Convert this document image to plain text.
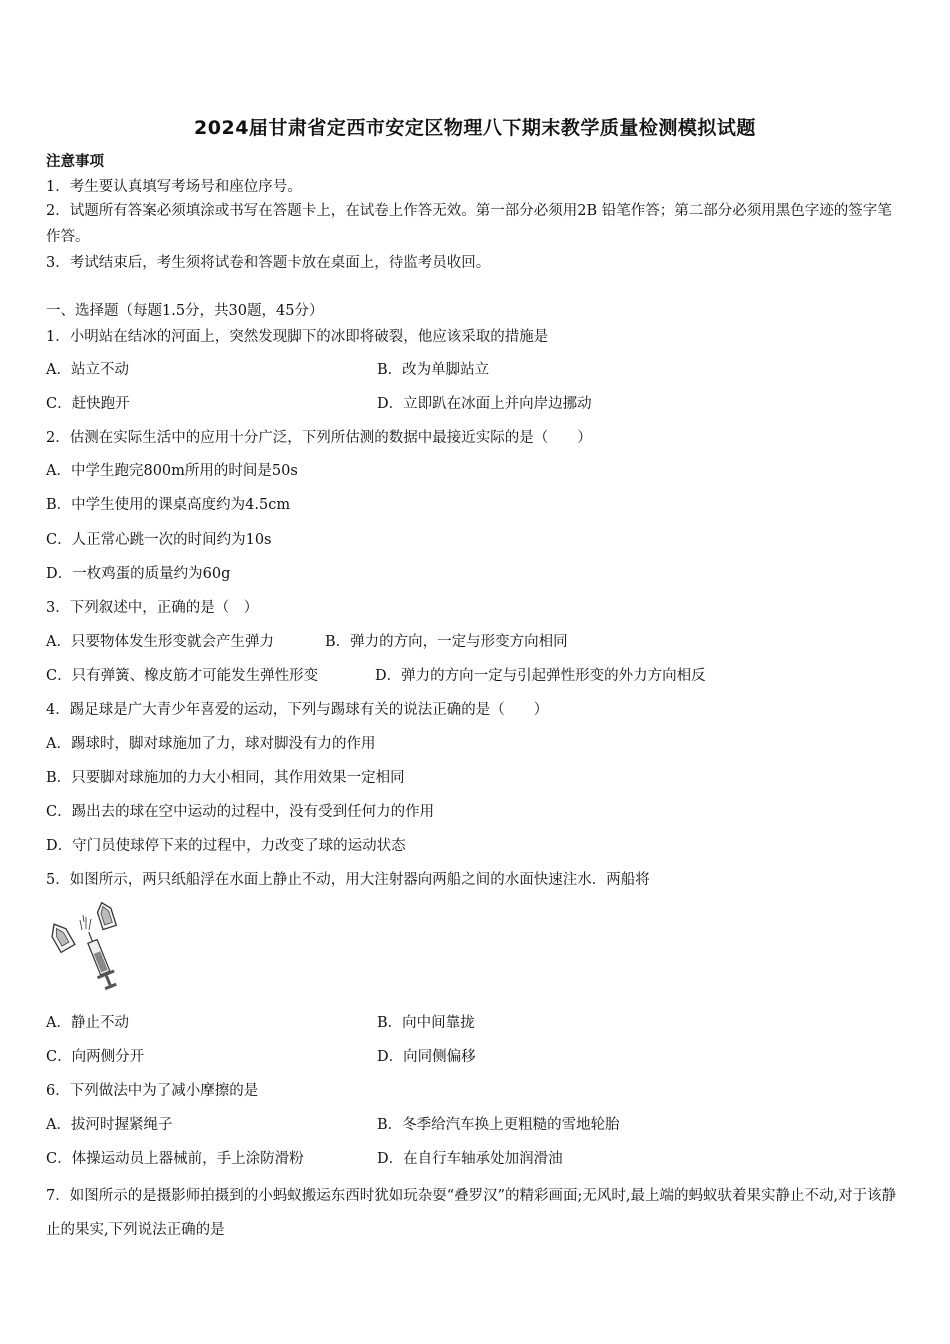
2024届甘肃省定西市安定区物理八下期末教学质量检测模拟试题
注意事项
1．考生要认真填写考场号和座位序号。
2．试题所有答案必须填涂或书写在答题卡上，在试卷上作答无效。第一部分必须用2B 铅笔作答；第二部分必须用黑色字迹的签字笔作答。
3．考试结束后，考生须将试卷和答题卡放在桌面上，待监考员收回。
一、选择题（每题1.5分，共30题，45分）
1．小明站在结冰的河面上，突然发现脚下的冰即将破裂，他应该采取的措施是
A．站立不动	B．改为单脚站立
C．赶快跑开	D．立即趴在冰面上并向岸边挪动
2．估测在实际生活中的应用十分广泛，下列所估测的数据中最接近实际的是（　　）
A．中学生跑完800m所用的时间是50s
B．中学生使用的课桌高度约为4.5cm
C．人正常心跳一次的时间约为10s
D．一枚鸡蛋的质量约为60g
3．下列叙述中，正确的是（　）
A．只要物体发生形变就会产生弹力	B．弹力的方向，一定与形变方向相同
C．只有弹簧、橡皮筋才可能发生弹性形变	D．弹力的方向一定与引起弹性形变的外力方向相反
4．踢足球是广大青少年喜爱的运动，下列与踢球有关的说法正确的是（　　）
A．踢球时，脚对球施加了力，球对脚没有力的作用
B．只要脚对球施加的力大小相同，其作用效果一定相同
C．踢出去的球在空中运动的过程中，没有受到任何力的作用
D．守门员使球停下来的过程中，力改变了球的运动状态
5．如图所示，两只纸船浮在水面上静止不动，用大注射器向两船之间的水面快速注水．两船将
A．静止不动	B．向中间靠拢
C．向两侧分开	D．向同侧偏移
6．下列做法中为了减小摩擦的是
A．拔河时握紧绳子	B．冬季给汽车换上更粗糙的雪地轮胎
C．体操运动员上器械前，手上涂防滑粉	D．在自行车轴承处加润滑油
7．如图所示的是摄影师拍摄到的小蚂蚁搬运东西时犹如玩杂耍“叠罗汉”的精彩画面;无风时,最上端的蚂蚁驮着果实静止不动,对于该静止的果实,下列说法正确的是
